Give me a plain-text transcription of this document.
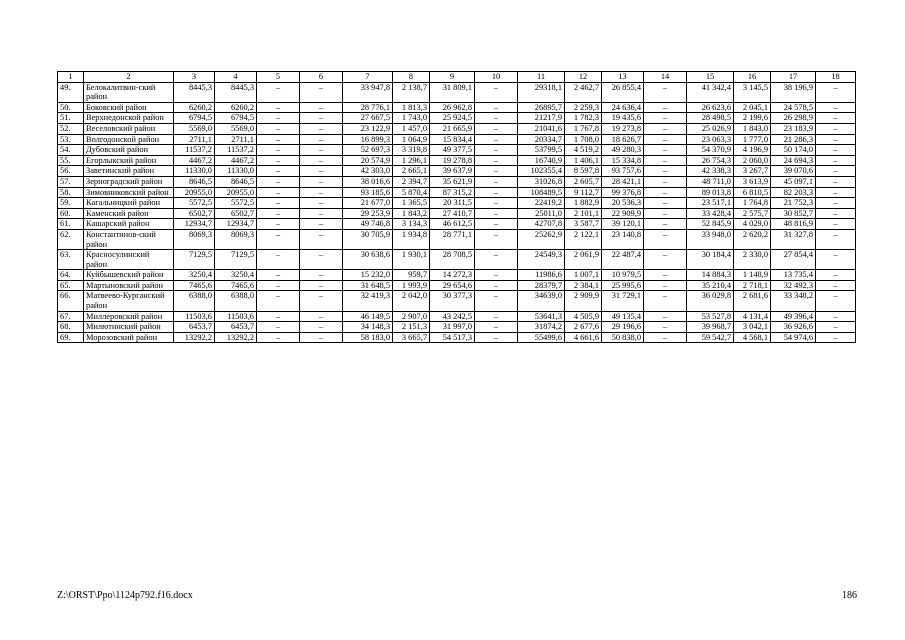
1	2	3	4	5	6	7	8	9	10	11	12	13	14	15	16	17	18
49.	Белокалитвин-ский район	8445,3	8445,3	–	–	33 947,8	2 138,7	31 809,1	–	29318,1	2 462,7	26 855,4	–	41 342,4	3 145,5	38 196,9	–
50.	Боковский район	6260,2	6260,2	–	–	28 776,1	1 813,3	26 962,8	–	26895,7	2 259,3	24 636,4	–	26 623,6	2 045,1	24 578,5	–
51.	Верхнедонской район	6794,5	6794,5	–	–	27 667,5	1 743,0	25 924,5	–	21217,9	1 782,3	19 435,6	–	28 498,5	2 199,6	26 298,9	–
52.	Веселовский район	5569,0	5569,0	–	–	23 122,9	1 457,0	21 665,9	–	21041,6	1 767,8	19 273,8	–	25 026,9	1 843,0	23 183,9	–
53.	Волгодонской район	2711,1	2711,1	–	–	16 899,3	1 064,9	15 834,4	–	20334,7	1 708,0	18 626,7	–	23 063,3	1 777,0	21 286,3	–
54.	Дубовский район	11537,2	11537,2	–	–	52 697,3	3 319,8	49 377,5	–	53799,5	4 519,2	49 280,3	–	54 370,9	4 196,9	50 174,0	–
55.	Егорлыкский район	4467,2	4467,2	–	–	20 574,9	1 296,1	19 278,8	–	16740,9	1 406,1	15 334,8	–	26 754,3	2 060,0	24 694,3	–
56.	Заветинский район	11330,0	11330,0	–	–	42 303,0	2 665,1	39 637,9	–	102355,4	8 597,8	93 757,6	–	42 338,3	3 267,7	39 070,6	–
57.	Зерноградский район	8646,5	8646,5	–	–	38 016,6	2 394,7	35 621,9	–	31026,8	2 605,7	28 421,1	–	48 711,0	3 613,9	45 097,1	–
58.	Зимовниковский район	20955,0	20955,0	–	–	93 185,6	5 870,4	87 315,2	–	108489,5	9 112,7	99 376,8	–	89 013,8	6 810,5	82 203,3	–
59.	Кагальницкий район	5572,5	5572,5	–	–	21 677,0	1 365,5	20 311,5	–	22419,2	1 882,9	20 536,3	–	23 517,1	1 764,8	21 752,3	–
60.	Каменский район	6502,7	6502,7	–	–	29 253,9	1 843,2	27 410,7	–	25011,0	2 101,1	22 909,9	–	33 428,4	2 575,7	30 852,7	–
61.	Кашарский район	12934,7	12934,7	–	–	49 746,8	3 134,3	46 612,5	–	42707,8	3 587,7	39 120,1	–	52 845,9	4 029,0	48 816,9	–
62.	Константинов-ский район	8069,3	8069,3	–	–	30 705,9	1 934,8	28 771,1	–	25262,9	2 122,1	23 140,8	–	33 948,0	2 620,2	31 327,8	–
63.	Красносулинский район	7129,5	7129,5	–	–	30 638,6	1 930,1	28 708,5	–	24549,3	2 061,9	22 487,4	–	30 184,4	2 330,0	27 854,4	–
64.	Куйбышевский район	3250,4	3250,4	–	–	15 232,0	959,7	14 272,3	–	11986,6	1 007,1	10 979,5	–	14 884,3	1 148,9	13 735,4	–
65.	Мартыновский район	7465,6	7465,6	–	–	31 648,5	1 993,9	29 654,6	–	28379,7	2 384,1	25 995,6	–	35 210,4	2 718,1	32 492,3	–
66.	Матвеево-Курганский район	6388,0	6388,0	–	–	32 419,3	2 042,0	30 377,3	–	34639,0	2 909,9	31 729,1	–	36 029,8	2 681,6	33 348,2	–
67.	Миллеровский район	11503,6	11503,6	–	–	46 149,5	2 907,0	43 242,5	–	53641,3	4 505,9	49 135,4	–	53 527,8	4 131,4	49 396,4	–
68.	Милютинский район	6453,7	6453,7	–	–	34 148,3	2 151,3	31 997,0	–	31874,2	2 677,6	29 196,6	–	39 968,7	3 042,1	36 926,6	–
69.	Морозовский район	13292,2	13292,2	–	–	58 183,0	3 665,7	54 517,3	–	55499,6	4 661,6	50 838,0	–	59 542,7	4 568,1	54 974,6	–
Z:\ORST\Ppo\1124p792.f16.docx	186
